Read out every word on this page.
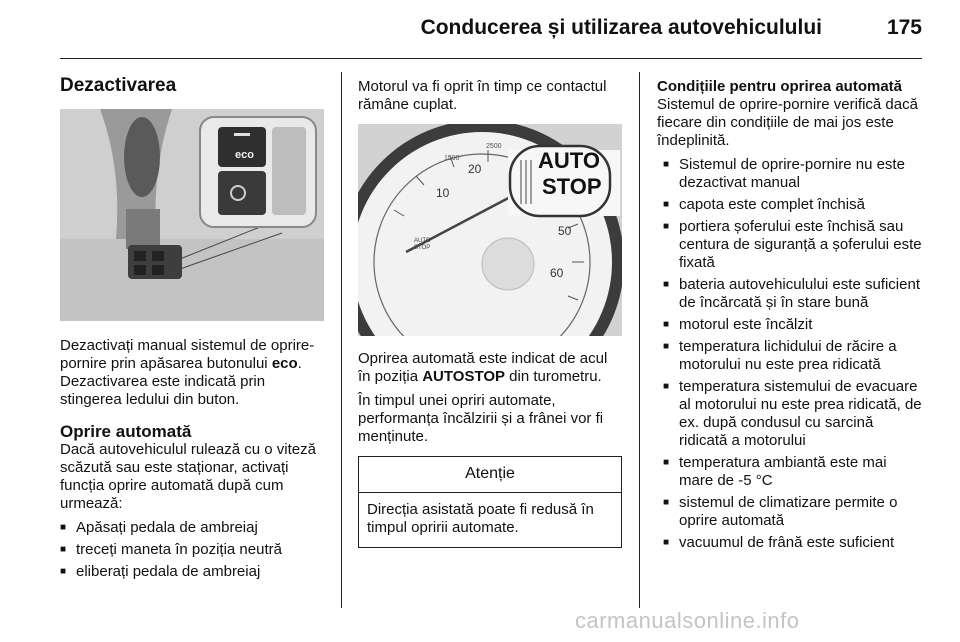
Conducerea și utilizarea autovehiculului	175
Dezactivarea
eco

Dezactivați manual sistemul de oprire-pornire prin apăsarea butonului eco. Dezactivarea este indicată prin stingerea ledului din buton.

Oprire automată

Dacă autovehiculul rulează cu o viteză scăzută sau este staționar, activați funcția oprire automată după cum urmează:

■ Apăsați pedala de ambreiaj
■ treceți maneta în poziția neutră
■ eliberați pedala de ambreiaj

Motorul va fi oprit în timp ce contactul rămâne cuplat.

AUTO
STOP
10
20
50
60
1500
2500
AUTO STOP

Oprirea automată este indicat de acul în poziția AUTOSTOP din turometru.

În timpul unei opriri automate, performanța încălzirii și a frânei vor fi menținute.

Atenție
Direcția asistată poate fi redusă în timpul opririi automate.
Condițiile pentru oprirea automată

Sistemul de oprire-pornire verifică dacă fiecare din condițiile de mai jos este îndeplinită.

■ Sistemul de oprire-pornire nu este dezactivat manual
■ capota este complet închisă
■ portiera șoferului este închisă sau centura de siguranță a șoferului este fixată
■ bateria autovehiculului este suficient de încărcată și în stare bună
■ motorul este încălzit
■ temperatura lichidului de răcire a motorului nu este prea ridicată
■ temperatura sistemului de evacuare al motorului nu este prea ridicată, de ex. după condusul cu sarcină ridicată a motorului
■ temperatura ambiantă este mai mare de -5 °C
■ sistemul de climatizare permite o oprire automată
■ vacuumul de frână este suficient
carmanualsonline.info
